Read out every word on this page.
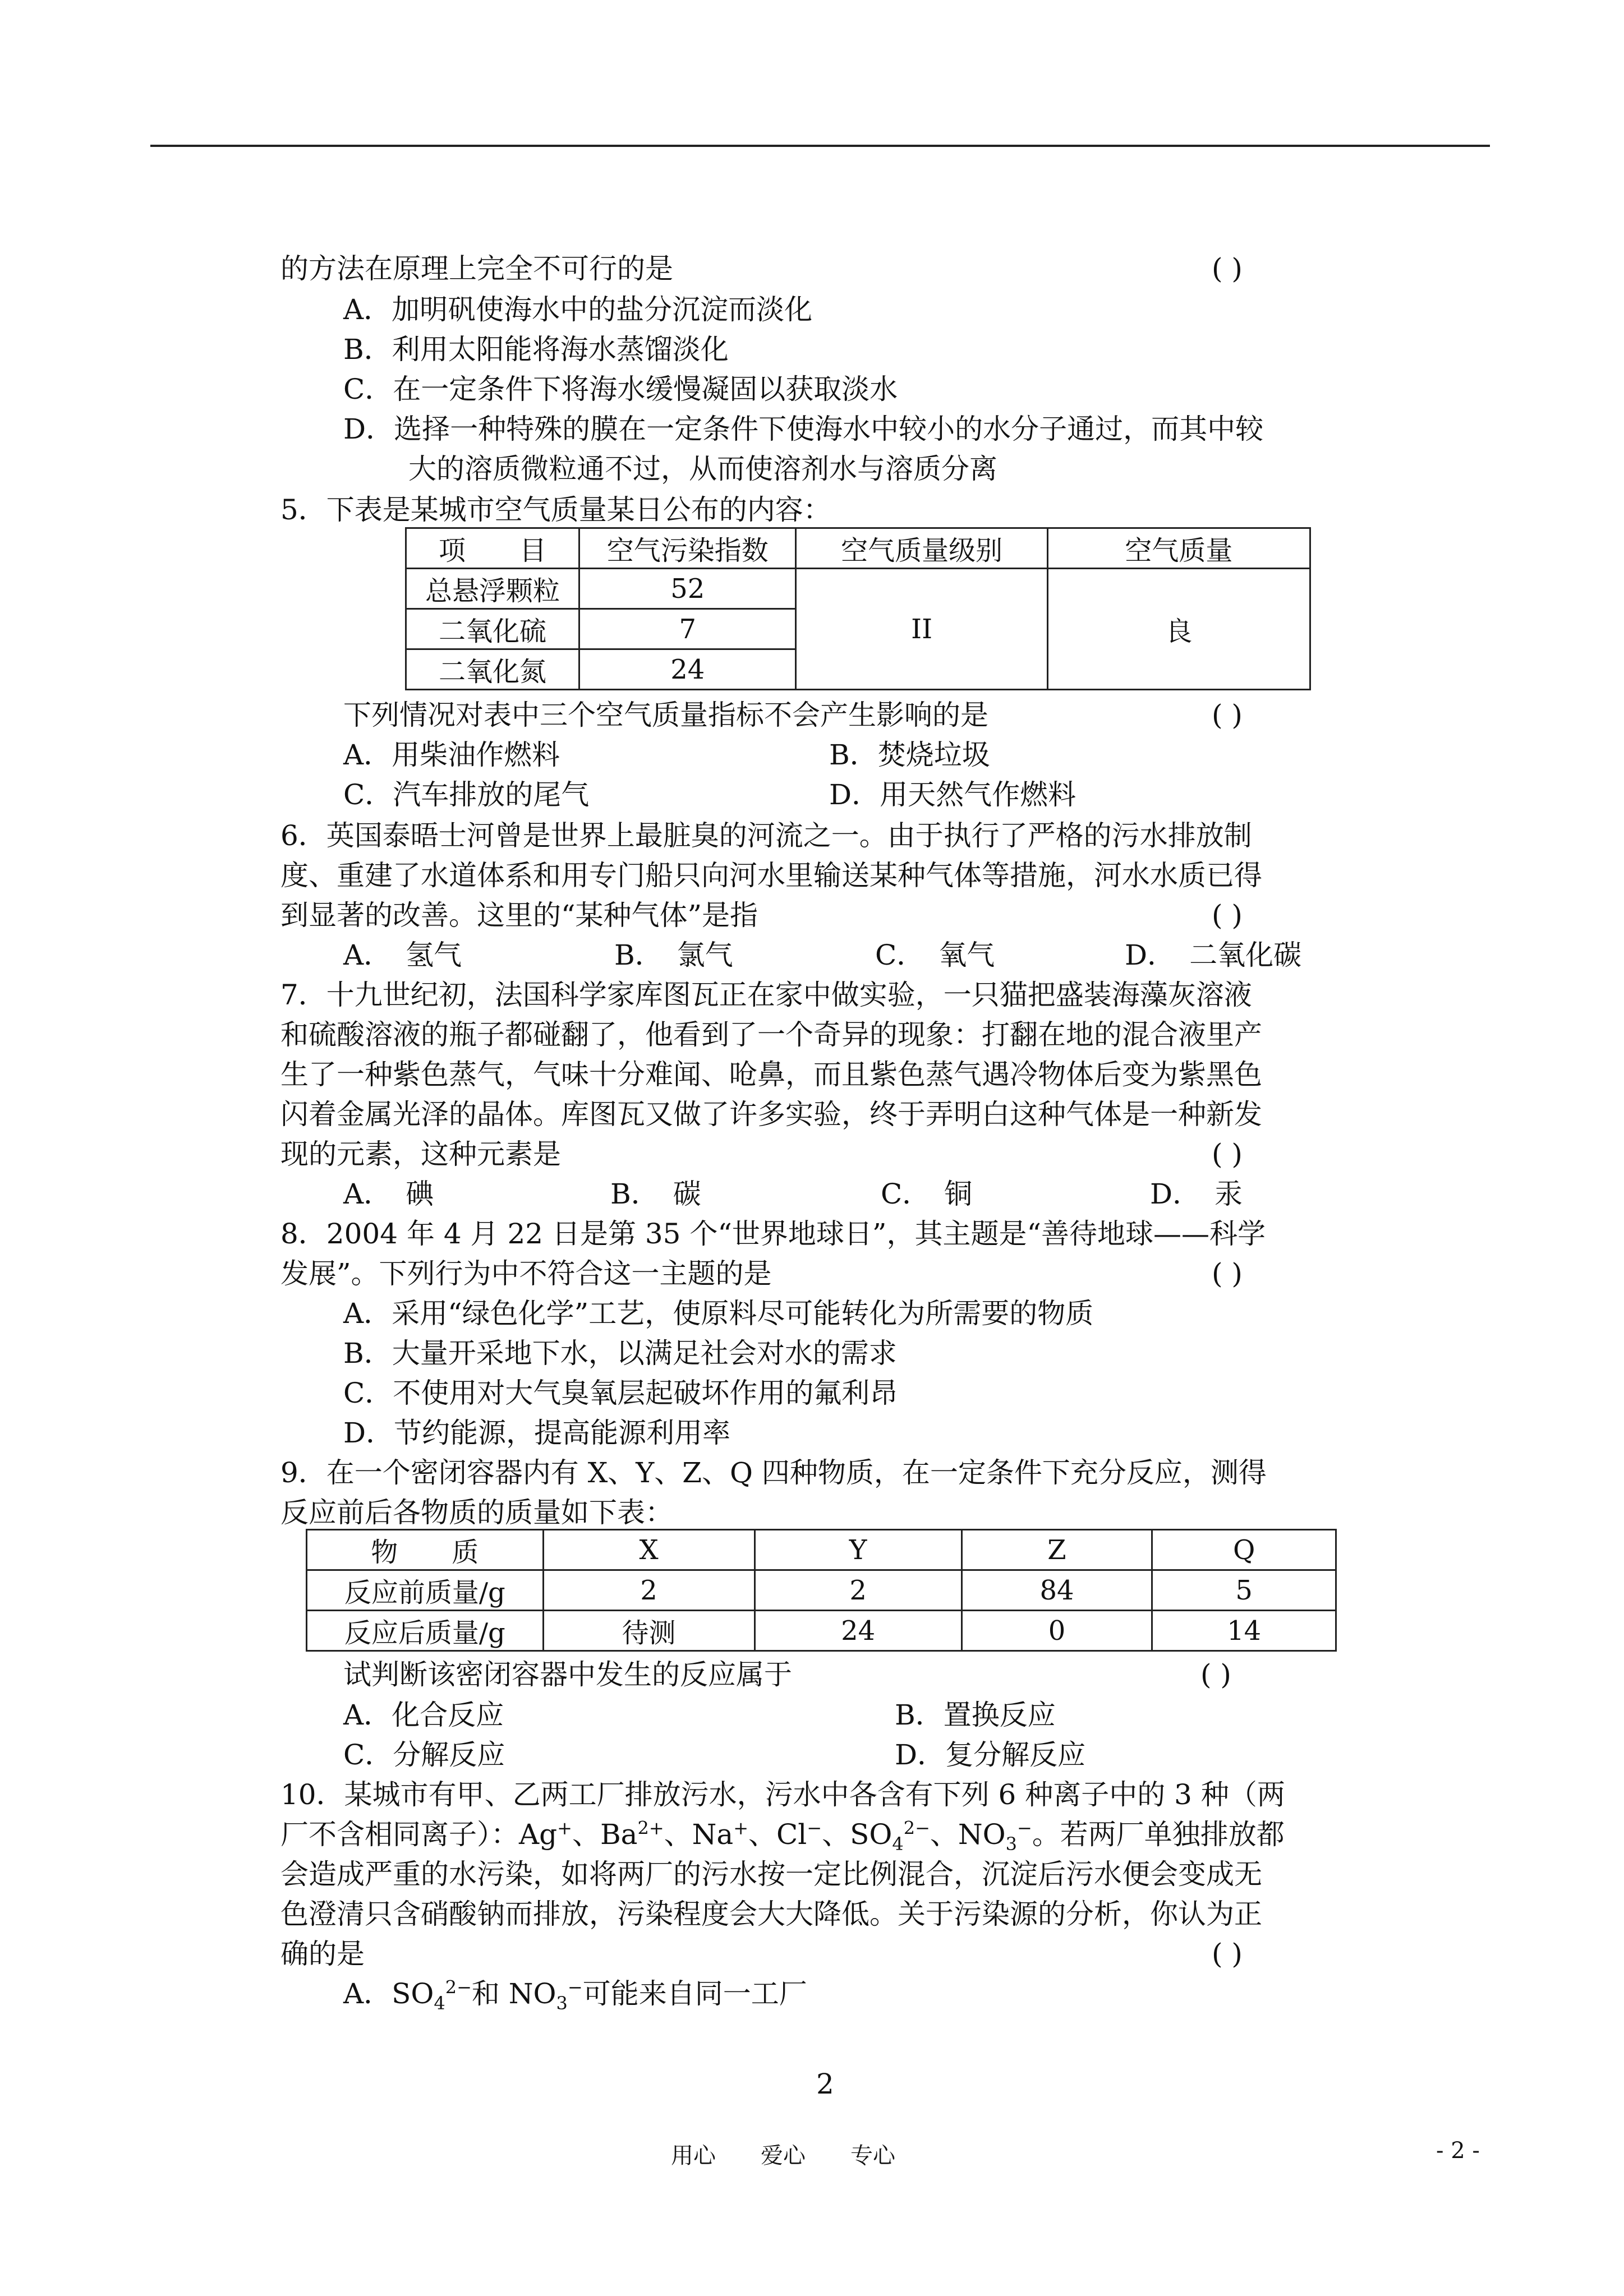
的方法在原理上完全不可行的是	( )
A．加明矾使海水中的盐分沉淀而淡化
B．利用太阳能将海水蒸馏淡化
C．在一定条件下将海水缓慢凝固以获取淡水
D．选择一种特殊的膜在一定条件下使海水中较小的水分子通过，而其中较
大的溶质微粒通不过，从而使溶剂水与溶质分离
5．下表是某城市空气质量某日公布的内容：
项　　目	空气污染指数	空气质量级别	空气质量
总悬浮颗粒	52	II	良
二氧化硫	7		
二氧化氮	24		
下列情况对表中三个空气质量指标不会产生影响的是	( )
A．用柴油作燃料	B．焚烧垃圾
C．汽车排放的尾气	D．用天然气作燃料
6．英国泰晤士河曾是世界上最脏臭的河流之一。由于执行了严格的污水排放制
度、重建了水道体系和用专门船只向河水里输送某种气体等措施，河水水质已得
到显著的改善。这里的“某种气体”是指	( )
A．　氢气	B．　氯气	C．　氧气	D．　二氧化碳
7．十九世纪初，法国科学家库图瓦正在家中做实验，一只猫把盛装海藻灰溶液
和硫酸溶液的瓶子都碰翻了，他看到了一个奇异的现象：打翻在地的混合液里产
生了一种紫色蒸气，气味十分难闻、呛鼻，而且紫色蒸气遇冷物体后变为紫黑色
闪着金属光泽的晶体。库图瓦又做了许多实验，终于弄明白这种气体是一种新发
现的元素，这种元素是	( )
A．　碘	B．　碳	C．　铜	D．　汞
8．2004 年 4 月 22 日是第 35 个“世界地球日”，其主题是“善待地球——科学
发展”。下列行为中不符合这一主题的是	( )
A．采用“绿色化学”工艺，使原料尽可能转化为所需要的物质
B．大量开采地下水，以满足社会对水的需求
C．不使用对大气臭氧层起破坏作用的氟利昂
D．节约能源，提高能源利用率
9．在一个密闭容器内有 X、Y、Z、Q 四种物质，在一定条件下充分反应，测得
反应前后各物质的质量如下表：
物　　质	X	Y	Z	Q
反应前质量/g	2	2	84	5
反应后质量/g	待测	24	0	14
试判断该密闭容器中发生的反应属于	( )
A．化合反应	B．置换反应
C．分解反应	D．复分解反应
10．某城市有甲、乙两工厂排放污水，污水中各含有下列 6 种离子中的 3 种（两
厂不含相同离子）：Ag+、$Ba^{2+}$、Na+、Cl−、$SO_4^{2-}$、$NO_3^-$。若两厂单独排放都
会造成严重的水污染，如将两厂的污水按一定比例混合，沉淀后污水便会变成无
色澄清只含硝酸钠而排放，污染程度会大大降低。关于污染源的分析，你认为正
确的是	( )
A．$SO_4^{2-}$和 $NO_3^-$可能来自同一工厂
2
用心　　爱心　　专心	- 2 -
